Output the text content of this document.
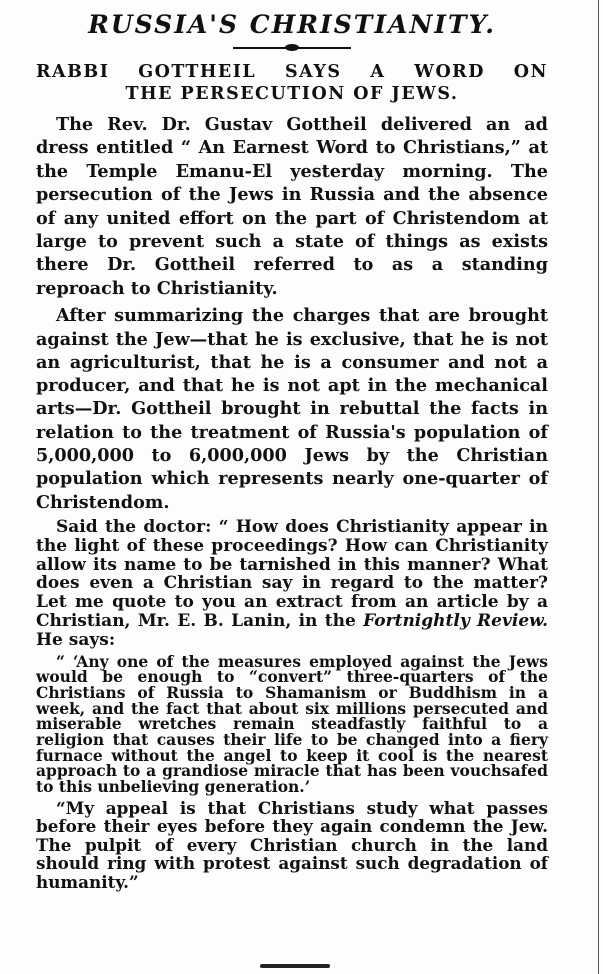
RUSSIA'S CHRISTIANITY.
RABBI GOTTHEIL SAYS A WORD ON
THE PERSECUTION OF JEWS.

The Rev. Dr. Gustav Gottheil delivered an ad dress entitled “ An Earnest Word to Christians,” at the Temple Emanu-El yesterday morning. The persecution of the Jews in Russia and the absence of any united effort on the part of Christendom at large to prevent such a state of things as exists there Dr. Gottheil referred to as a standing reproach to Christianity.

After summarizing the charges that are brought against the Jew—that he is exclusive, that he is not an agriculturist, that he is a consumer and not a producer, and that he is not apt in the mechanical arts—Dr. Gottheil brought in rebuttal the facts in relation to the treatment of Russia's population of 5,000,000 to 6,000,000 Jews by the Christian population which represents nearly one-quarter of Christendom.

Said the doctor: “ How does Christianity appear in the light of these proceedings? How can Christianity allow its name to be tarnished in this manner? What does even a Christian say in regard to the matter? Let me quote to you an extract from an article by a Christian, Mr. E. B. Lanin, in the Fortnightly Review. He says:

“ ‘Any one of the measures employed against the Jews would be enough to “convert” three-quarters of the Christians of Russia to Shamanism or Buddhism in a week, and the fact that about six millions persecuted and miserable wretches remain steadfastly faithful to a religion that causes their life to be changed into a fiery furnace without the angel to keep it cool is the nearest approach to a grandiose miracle that has been vouchsafed to this unbelieving generation.’

“My appeal is that Christians study what passes before their eyes before they again condemn the Jew. The pulpit of every Christian church in the land should ring with protest against such degradation of humanity.”
